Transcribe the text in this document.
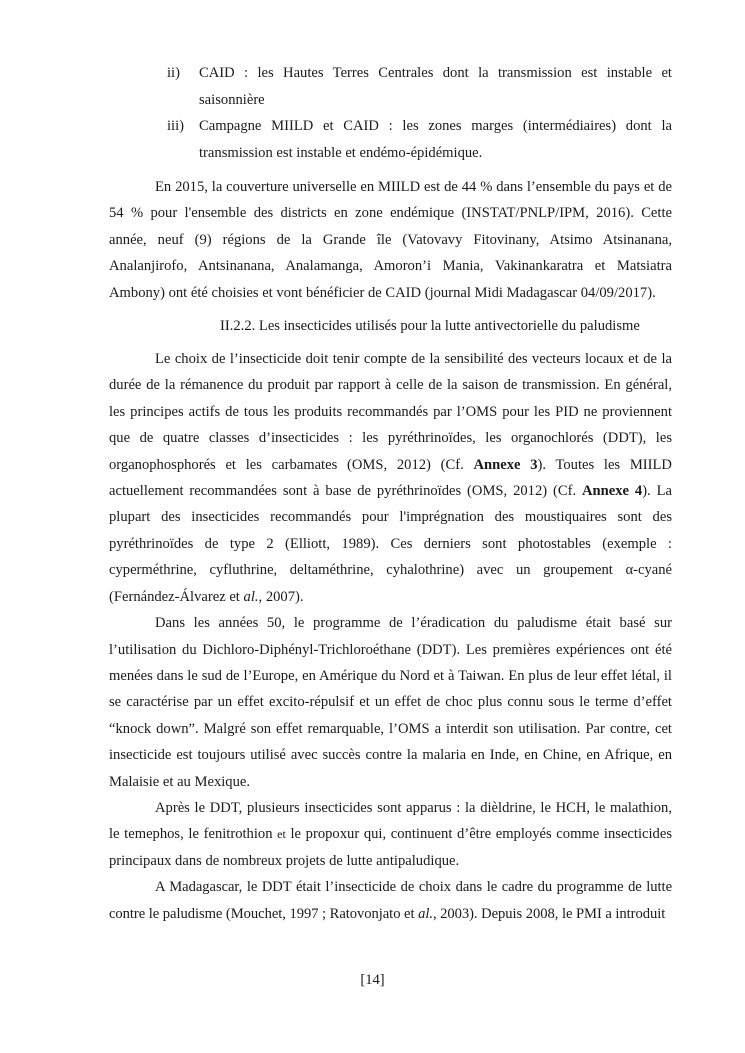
ii)	CAID : les Hautes Terres Centrales dont la transmission est instable et saisonnière

iii)	Campagne MIILD et CAID : les zones marges (intermédiaires) dont la transmission est instable et endémo-épidémique.

En 2015, la couverture universelle en MIILD est de 44 % dans l’ensemble du pays et de 54 % pour l'ensemble des districts en zone endémique (INSTAT/PNLP/IPM, 2016). Cette année, neuf (9) régions de la Grande île (Vatovavy Fitovinany, Atsimo Atsinanana, Analanjirofo, Antsinanana, Analamanga, Amoron’i Mania, Vakinankaratra et Matsiatra Ambony) ont été choisies et vont bénéficier de CAID (journal Midi Madagascar 04/09/2017).

II.2.2. Les insecticides utilisés pour la lutte antivectorielle du paludisme

Le choix de l’insecticide doit tenir compte de la sensibilité des vecteurs locaux et de la durée de la rémanence du produit par rapport à celle de la saison de transmission. En général, les principes actifs de tous les produits recommandés par l’OMS pour les PID ne proviennent que de quatre classes d’insecticides : les pyréthrinoïdes, les organochlorés (DDT), les organophosphorés et les carbamates (OMS, 2012) (Cf. Annexe 3). Toutes les MIILD actuellement recommandées sont à base de pyréthrinoïdes (OMS, 2012) (Cf. Annexe 4). La plupart des insecticides recommandés pour l'imprégnation des moustiquaires sont des pyréthrinoïdes de type 2 (Elliott, 1989). Ces derniers sont photostables (exemple : cyperméthrine, cyfluthrine, deltaméthrine, cyhalothrine) avec un groupement α-cyané (Fernández-Álvarez et al., 2007).

Dans les années 50, le programme de l’éradication du paludisme était basé sur l’utilisation du Dichloro-Diphényl-Trichloroéthane (DDT). Les premières expériences ont été menées dans le sud de l’Europe, en Amérique du Nord et à Taiwan. En plus de leur effet létal, il se caractérise par un effet excito-répulsif et un effet de choc plus connu sous le terme d’effet “knock down”. Malgré son effet remarquable, l’OMS a interdit son utilisation. Par contre, cet insecticide est toujours utilisé avec succès contre la malaria en Inde, en Chine, en Afrique, en Malaisie et au Mexique.

Après le DDT, plusieurs insecticides sont apparus : la dièldrine, le HCH, le malathion, le temephos, le fenitrothion et le propoxur qui, continuent d’être employés comme insecticides principaux dans de nombreux projets de lutte antipaludique.

A Madagascar, le DDT était l’insecticide de choix dans le cadre du programme de lutte contre le paludisme (Mouchet, 1997 ; Ratovonjato et al., 2003). Depuis 2008, le PMI a introduit

[14]
